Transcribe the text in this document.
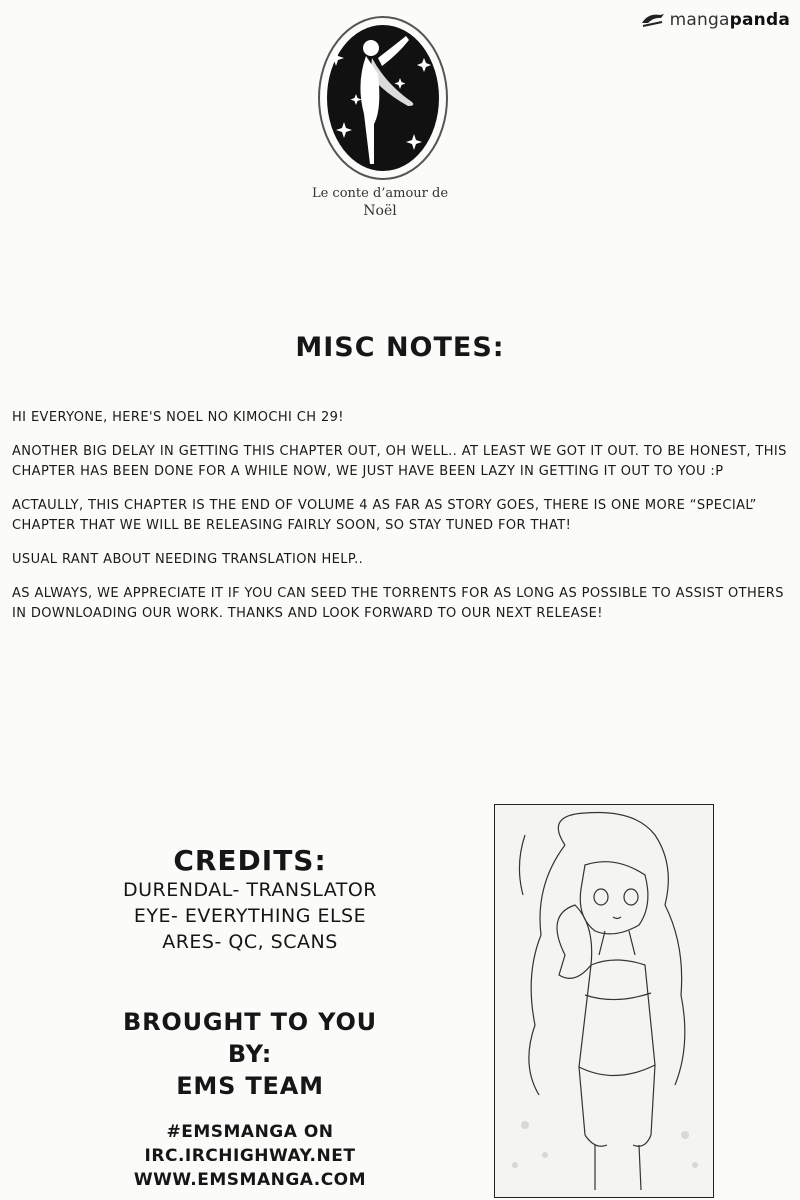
mangapanda
Le conte d’amour de
Noël
MISC NOTES:

HI EVERYONE, HERE'S NOEL NO KIMOCHI CH 29!

ANOTHER BIG DELAY IN GETTING THIS CHAPTER OUT, OH WELL.. AT LEAST WE GOT IT OUT. TO BE HONEST, THIS CHAPTER HAS BEEN DONE FOR A WHILE NOW, WE JUST HAVE BEEN LAZY IN GETTING IT OUT TO YOU :P

ACTAULLY, THIS CHAPTER IS THE END OF VOLUME 4 AS FAR AS STORY GOES, THERE IS ONE MORE “SPECIAL” CHAPTER THAT WE WILL BE RELEASING FAIRLY SOON, SO STAY TUNED FOR THAT!

USUAL RANT ABOUT NEEDING TRANSLATION HELP..

AS ALWAYS, WE APPRECIATE IT IF YOU CAN SEED THE TORRENTS FOR AS LONG AS POSSIBLE TO ASSIST OTHERS IN DOWNLOADING OUR WORK. THANKS AND LOOK FORWARD TO OUR NEXT RELEASE!

CREDITS:
DURENDAL- TRANSLATOR
EYE- EVERYTHING ELSE
ARES- QC, SCANS
BROUGHT TO YOU
BY:
EMS TEAM
#EMSMANGA ON
IRC.IRCHIGHWAY.NET
WWW.EMSMANGA.COM
